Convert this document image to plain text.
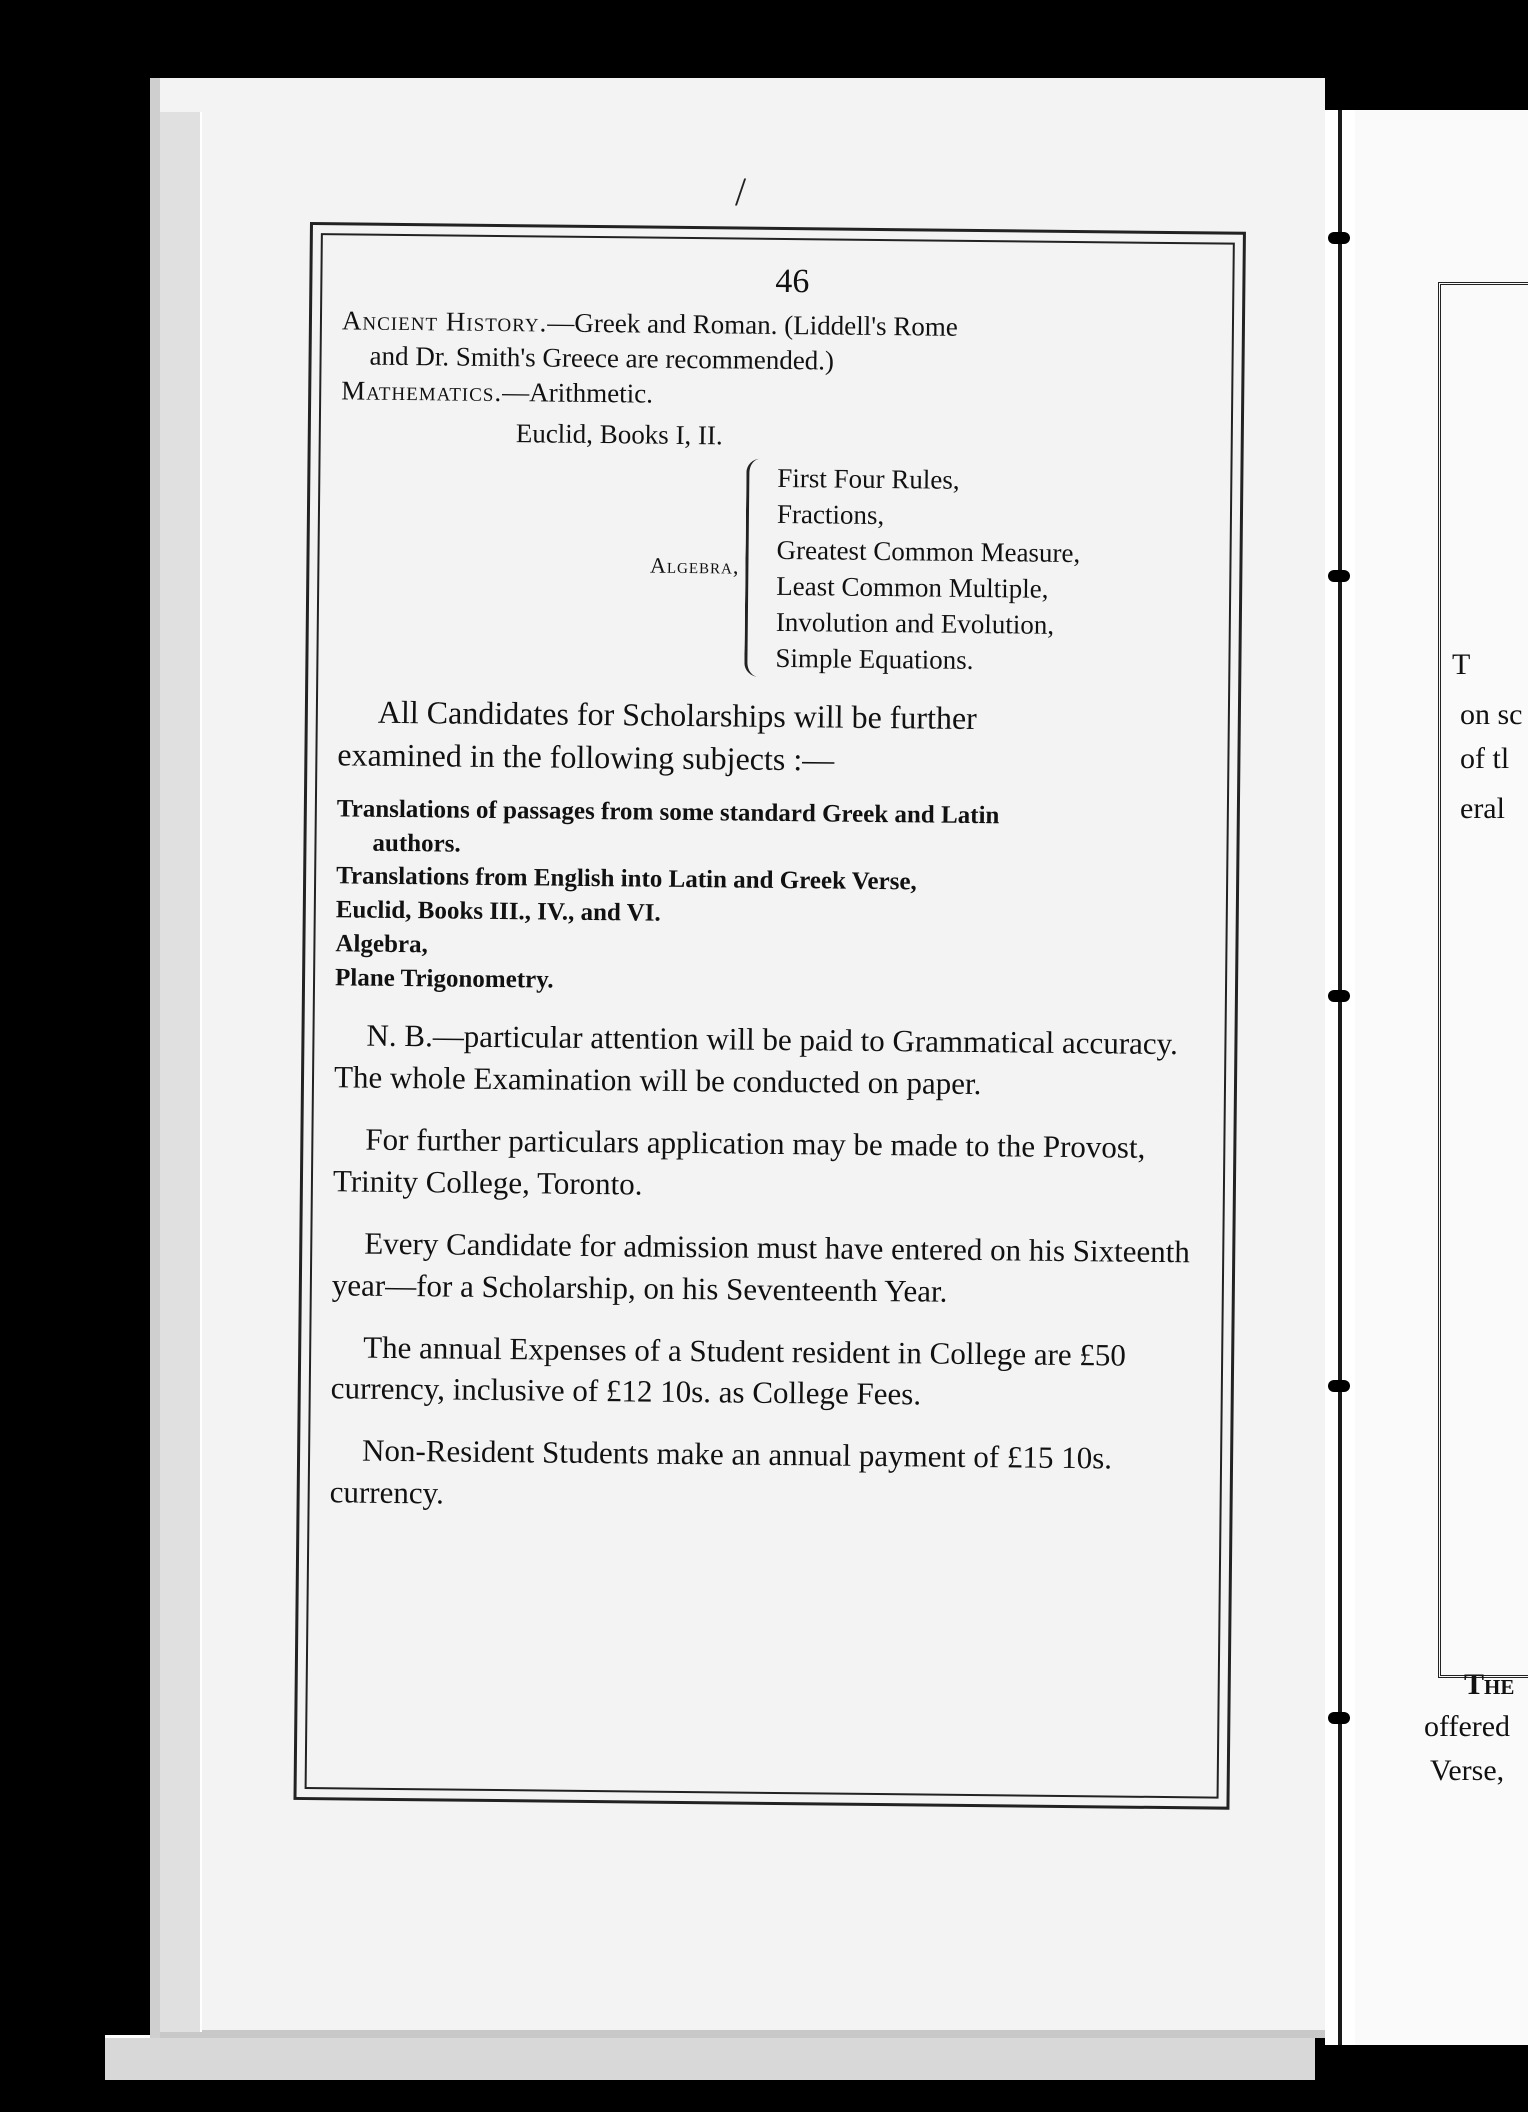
T
on sc
of tl
eral
The
offered
Verse,
/
46

Ancient History.—Greek and Roman. (Liddell's Rome

and Dr. Smith's Greece are recommended.)

Mathematics.—Arithmetic.

Euclid, Books I, II.

Algebra,
First Four Rules,
Fractions,
Greatest Common Measure,
Least Common Multiple,
Involution and Evolution,
Simple Equations.
All Candidates for Scholarships will be further
examined in the following subjects :—
Translations of passages from some standard Greek and Latin
authors.
Translations from English into Latin and Greek Verse,
Euclid, Books III., IV., and VI.
Algebra,
Plane Trigonometry.

N. B.—particular attention will be paid to Grammatical accuracy. The whole Examination will be conducted on paper.

For further particulars application may be made to the Provost, Trinity College, Toronto.

Every Candidate for admission must have entered on his Sixteenth year—for a Scholarship, on his Seventeenth Year.

The annual Expenses of a Student resident in College are £50 currency, inclusive of £12 10s. as College Fees.

Non-Resident Students make an annual payment of £15 10s. currency.
